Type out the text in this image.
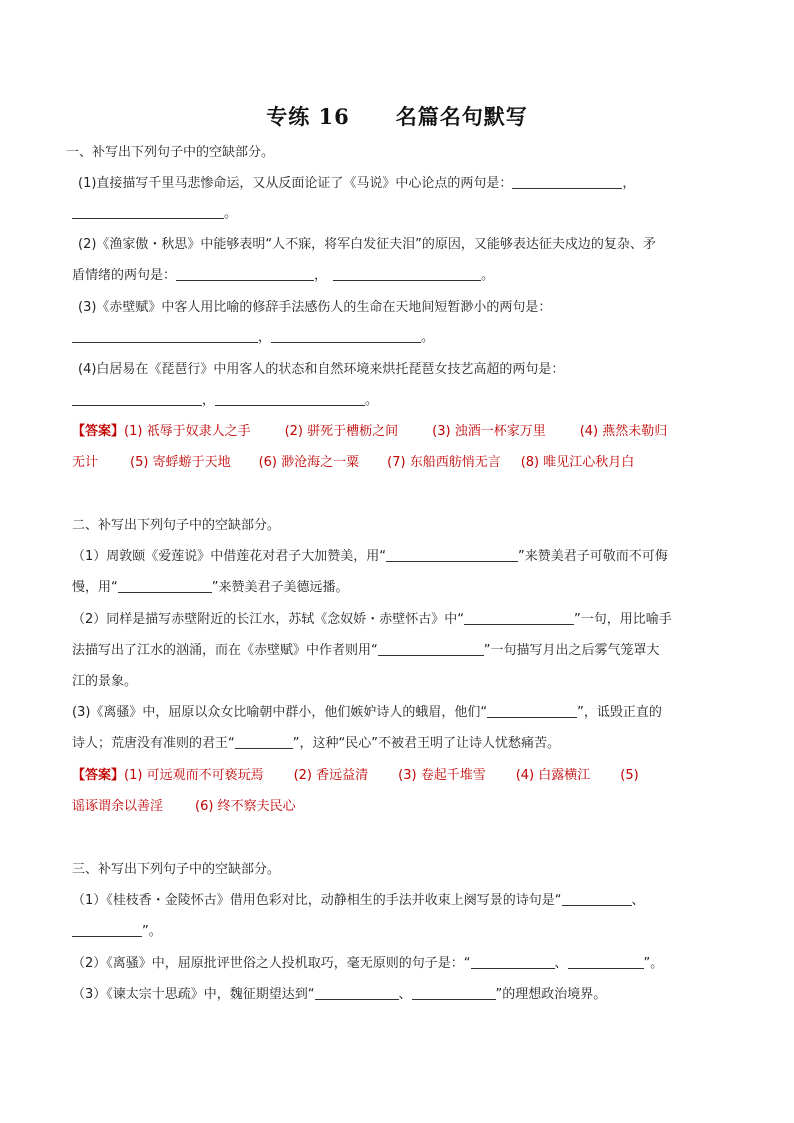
专练 16 名篇名句默写
一、补写出下列句子中的空缺部分。
(1)直接描写千里马悲惨命运，又从反面论证了《马说》中心论点的两句是：	，
。
(2)《渔家傲・秋思》中能够表明“人不寐，将军白发征夫泪”的原因，又能够表达征夫戍边的复杂、矛
盾情绪的两句是：	，	。
(3)《赤壁赋》中客人用比喻的修辞手法感伤人的生命在天地间短暂渺小的两句是：
，	。
(4)白居易在《琵琶行》中用客人的状态和自然环境来烘托琵琶女技艺高超的两句是：
，	。
【答案】(1) 祇辱于奴隶人之手	(2) 骈死于槽枥之间	(3) 浊酒一杯家万里	(4) 燕然未勒归
无计 (5) 寄蜉蝣于天地 (6) 渺沧海之一粟 (7) 东船西舫悄无言 (8) 唯见江心秋月白
二、补写出下列句子中的空缺部分。
（1）周敦颐《爱莲说》中借莲花对君子大加赞美，用“	”来赞美君子可敬而不可侮
慢，用“	”来赞美君子美德远播。
（2）同样是描写赤壁附近的长江水，苏轼《念奴娇・赤壁怀古》中“	”一句，用比喻手
法描写出了江水的汹涌，而在《赤壁赋》中作者则用“	”一句描写月出之后雾气笼罩大
江的景象。
(3)《离骚》中，屈原以众女比喻朝中群小，他们嫉妒诗人的蛾眉，他们“	”，诋毁正直的
诗人；荒唐没有准则的君王“	”，这种“民心”不被君王明了让诗人忧愁痛苦。
【答案】(1) 可远观而不可亵玩焉 (2) 香远益清 (3) 卷起千堆雪 (4) 白露横江 (5)
谣诼谓余以善淫 (6) 终不察夫民心
三、补写出下列句子中的空缺部分。
（1）《桂枝香・金陵怀古》借用色彩对比，动静相生的手法并收束上阕写景的诗句是“	、
”。
（2）《离骚》中，屈原批评世俗之人投机取巧，毫无原则的句子是：“	、	”。
（3）《谏太宗十思疏》中，魏征期望达到“	、	”的理想政治境界。
